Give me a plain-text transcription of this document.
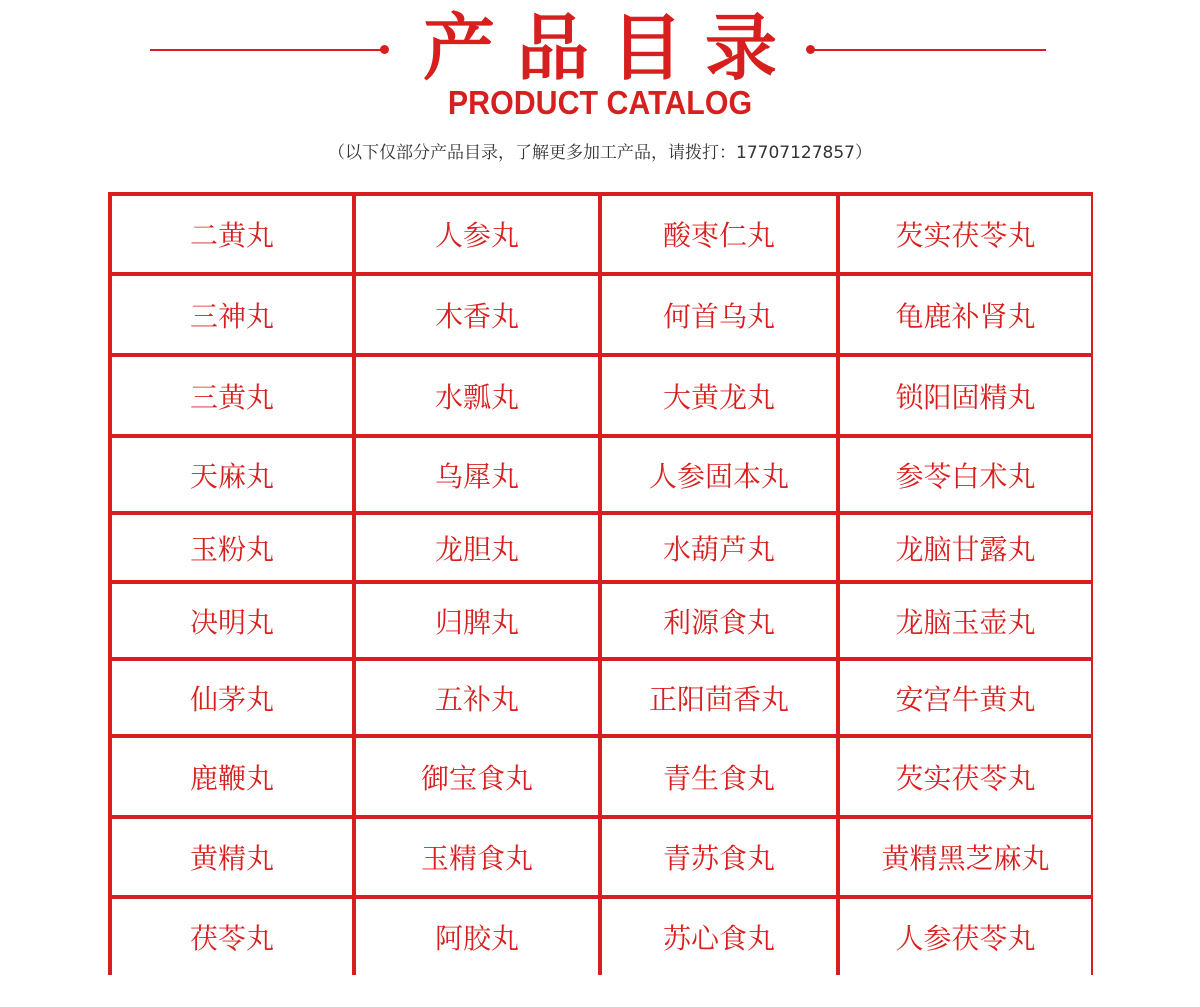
产品目录
PRODUCT CATALOG
（以下仅部分产品目录，了解更多加工产品，请拨打：17707127857）
二黄丸	人参丸	酸枣仁丸	芡实茯苓丸
三神丸	木香丸	何首乌丸	龟鹿补肾丸
三黄丸	水瓢丸	大黄龙丸	锁阳固精丸
天麻丸	乌犀丸	人参固本丸	参苓白术丸
玉粉丸	龙胆丸	水葫芦丸	龙脑甘露丸
决明丸	归脾丸	利源食丸	龙脑玉壶丸
仙茅丸	五补丸	正阳茴香丸	安宫牛黄丸
鹿鞭丸	御宝食丸	青生食丸	芡实茯苓丸
黄精丸	玉精食丸	青苏食丸	黄精黑芝麻丸
茯苓丸	阿胶丸	苏心食丸	人参茯苓丸
